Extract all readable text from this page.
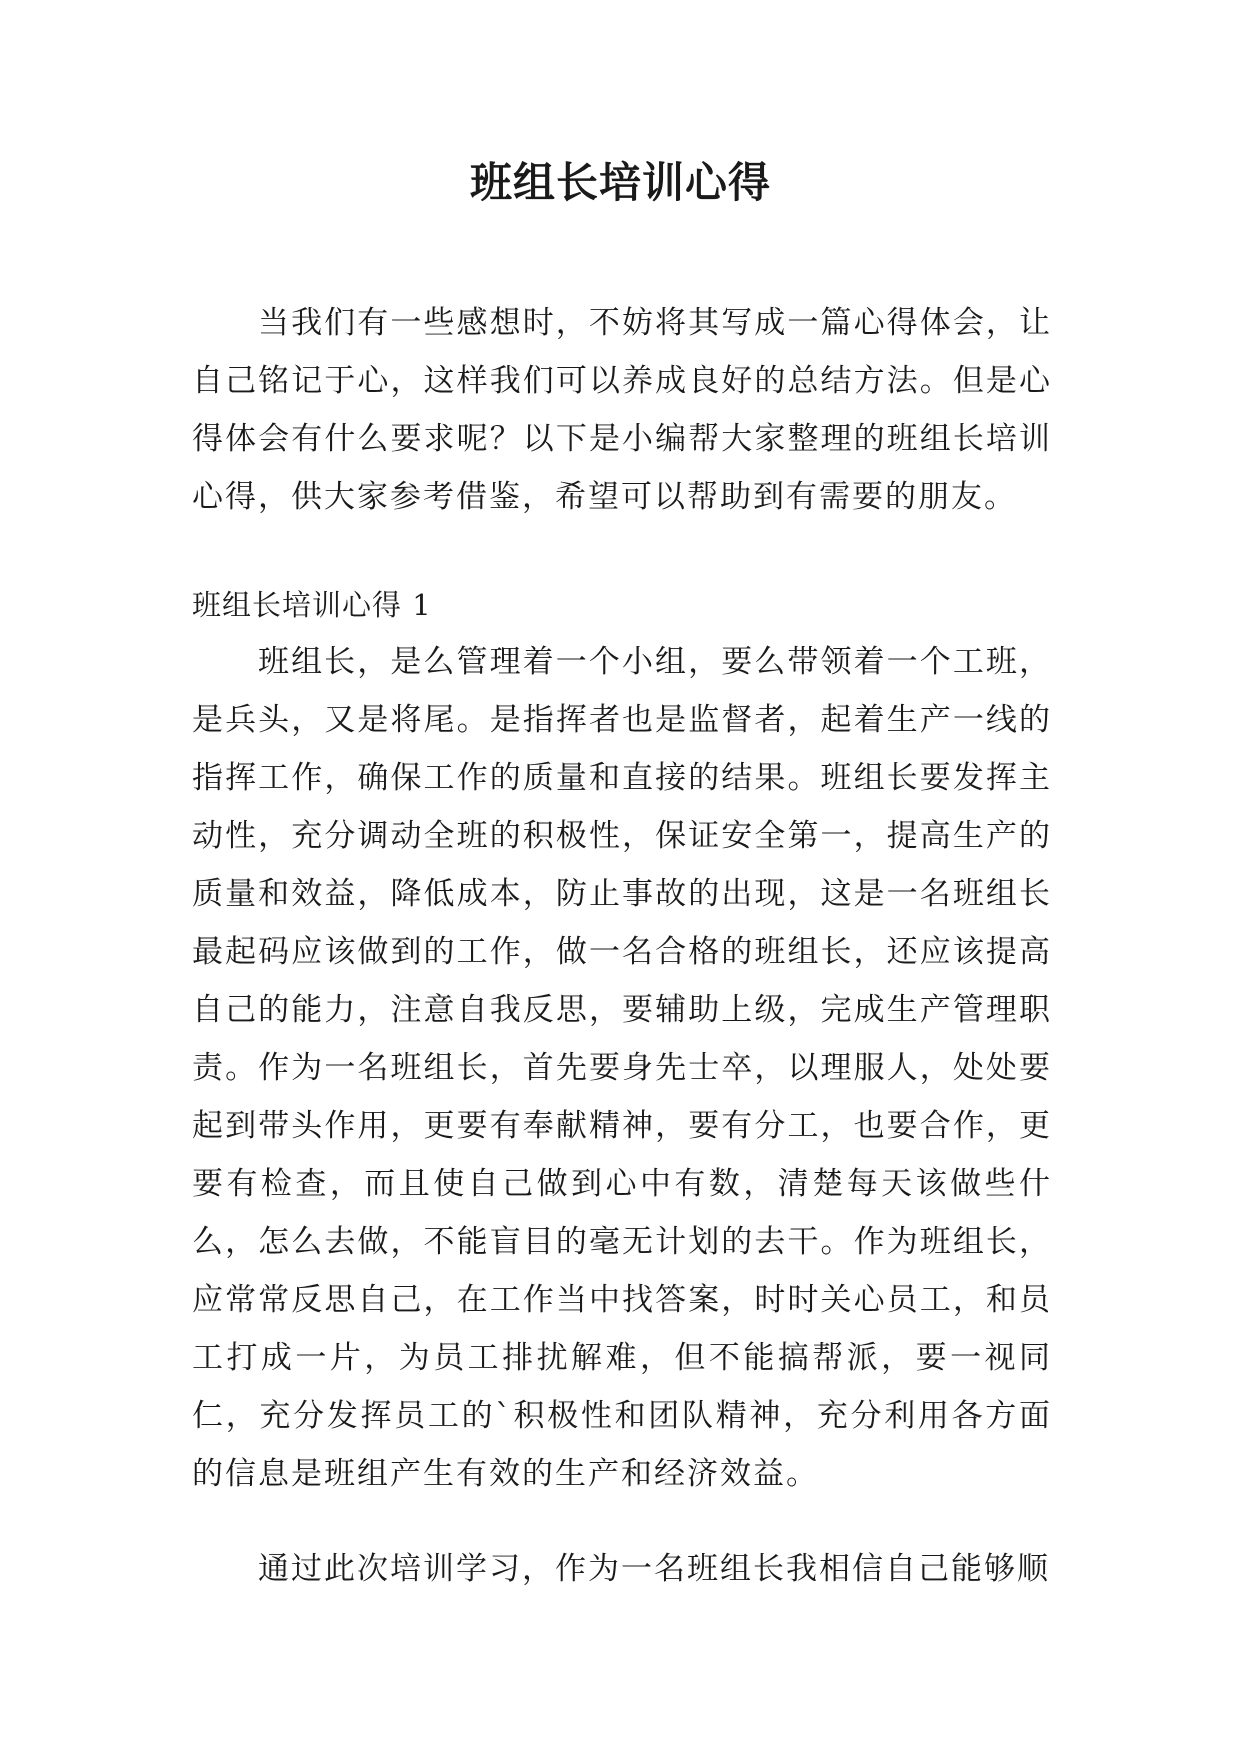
班组长培训心得

当我们有一些感想时，不妨将其写成一篇心得体会，让自己铭记于心，这样我们可以养成良好的总结方法。但是心得体会有什么要求呢？以下是小编帮大家整理的班组长培训心得，供大家参考借鉴，希望可以帮助到有需要的朋友。

班组长培训心得 1

班组长，是么管理着一个小组，要么带领着一个工班，是兵头，又是将尾。是指挥者也是监督者，起着生产一线的指挥工作，确保工作的质量和直接的结果。班组长要发挥主动性，充分调动全班的积极性，保证安全第一，提高生产的质量和效益，降低成本，防止事故的出现，这是一名班组长最起码应该做到的工作，做一名合格的班组长，还应该提高自己的能力，注意自我反思，要辅助上级，完成生产管理职责。作为一名班组长，首先要身先士卒，以理服人，处处要起到带头作用，更要有奉献精神，要有分工，也要合作，更要有检查，而且使自己做到心中有数，清楚每天该做些什么，怎么去做，不能盲目的毫无计划的去干。作为班组长，应常常反思自己，在工作当中找答案，时时关心员工，和员工打成一片，为员工排扰解难，但不能搞帮派，要一视同仁，充分发挥员工的`积极性和团队精神，充分利用各方面的信息是班组产生有效的生产和经济效益。

通过此次培训学习，作为一名班组长我相信自己能够顺
